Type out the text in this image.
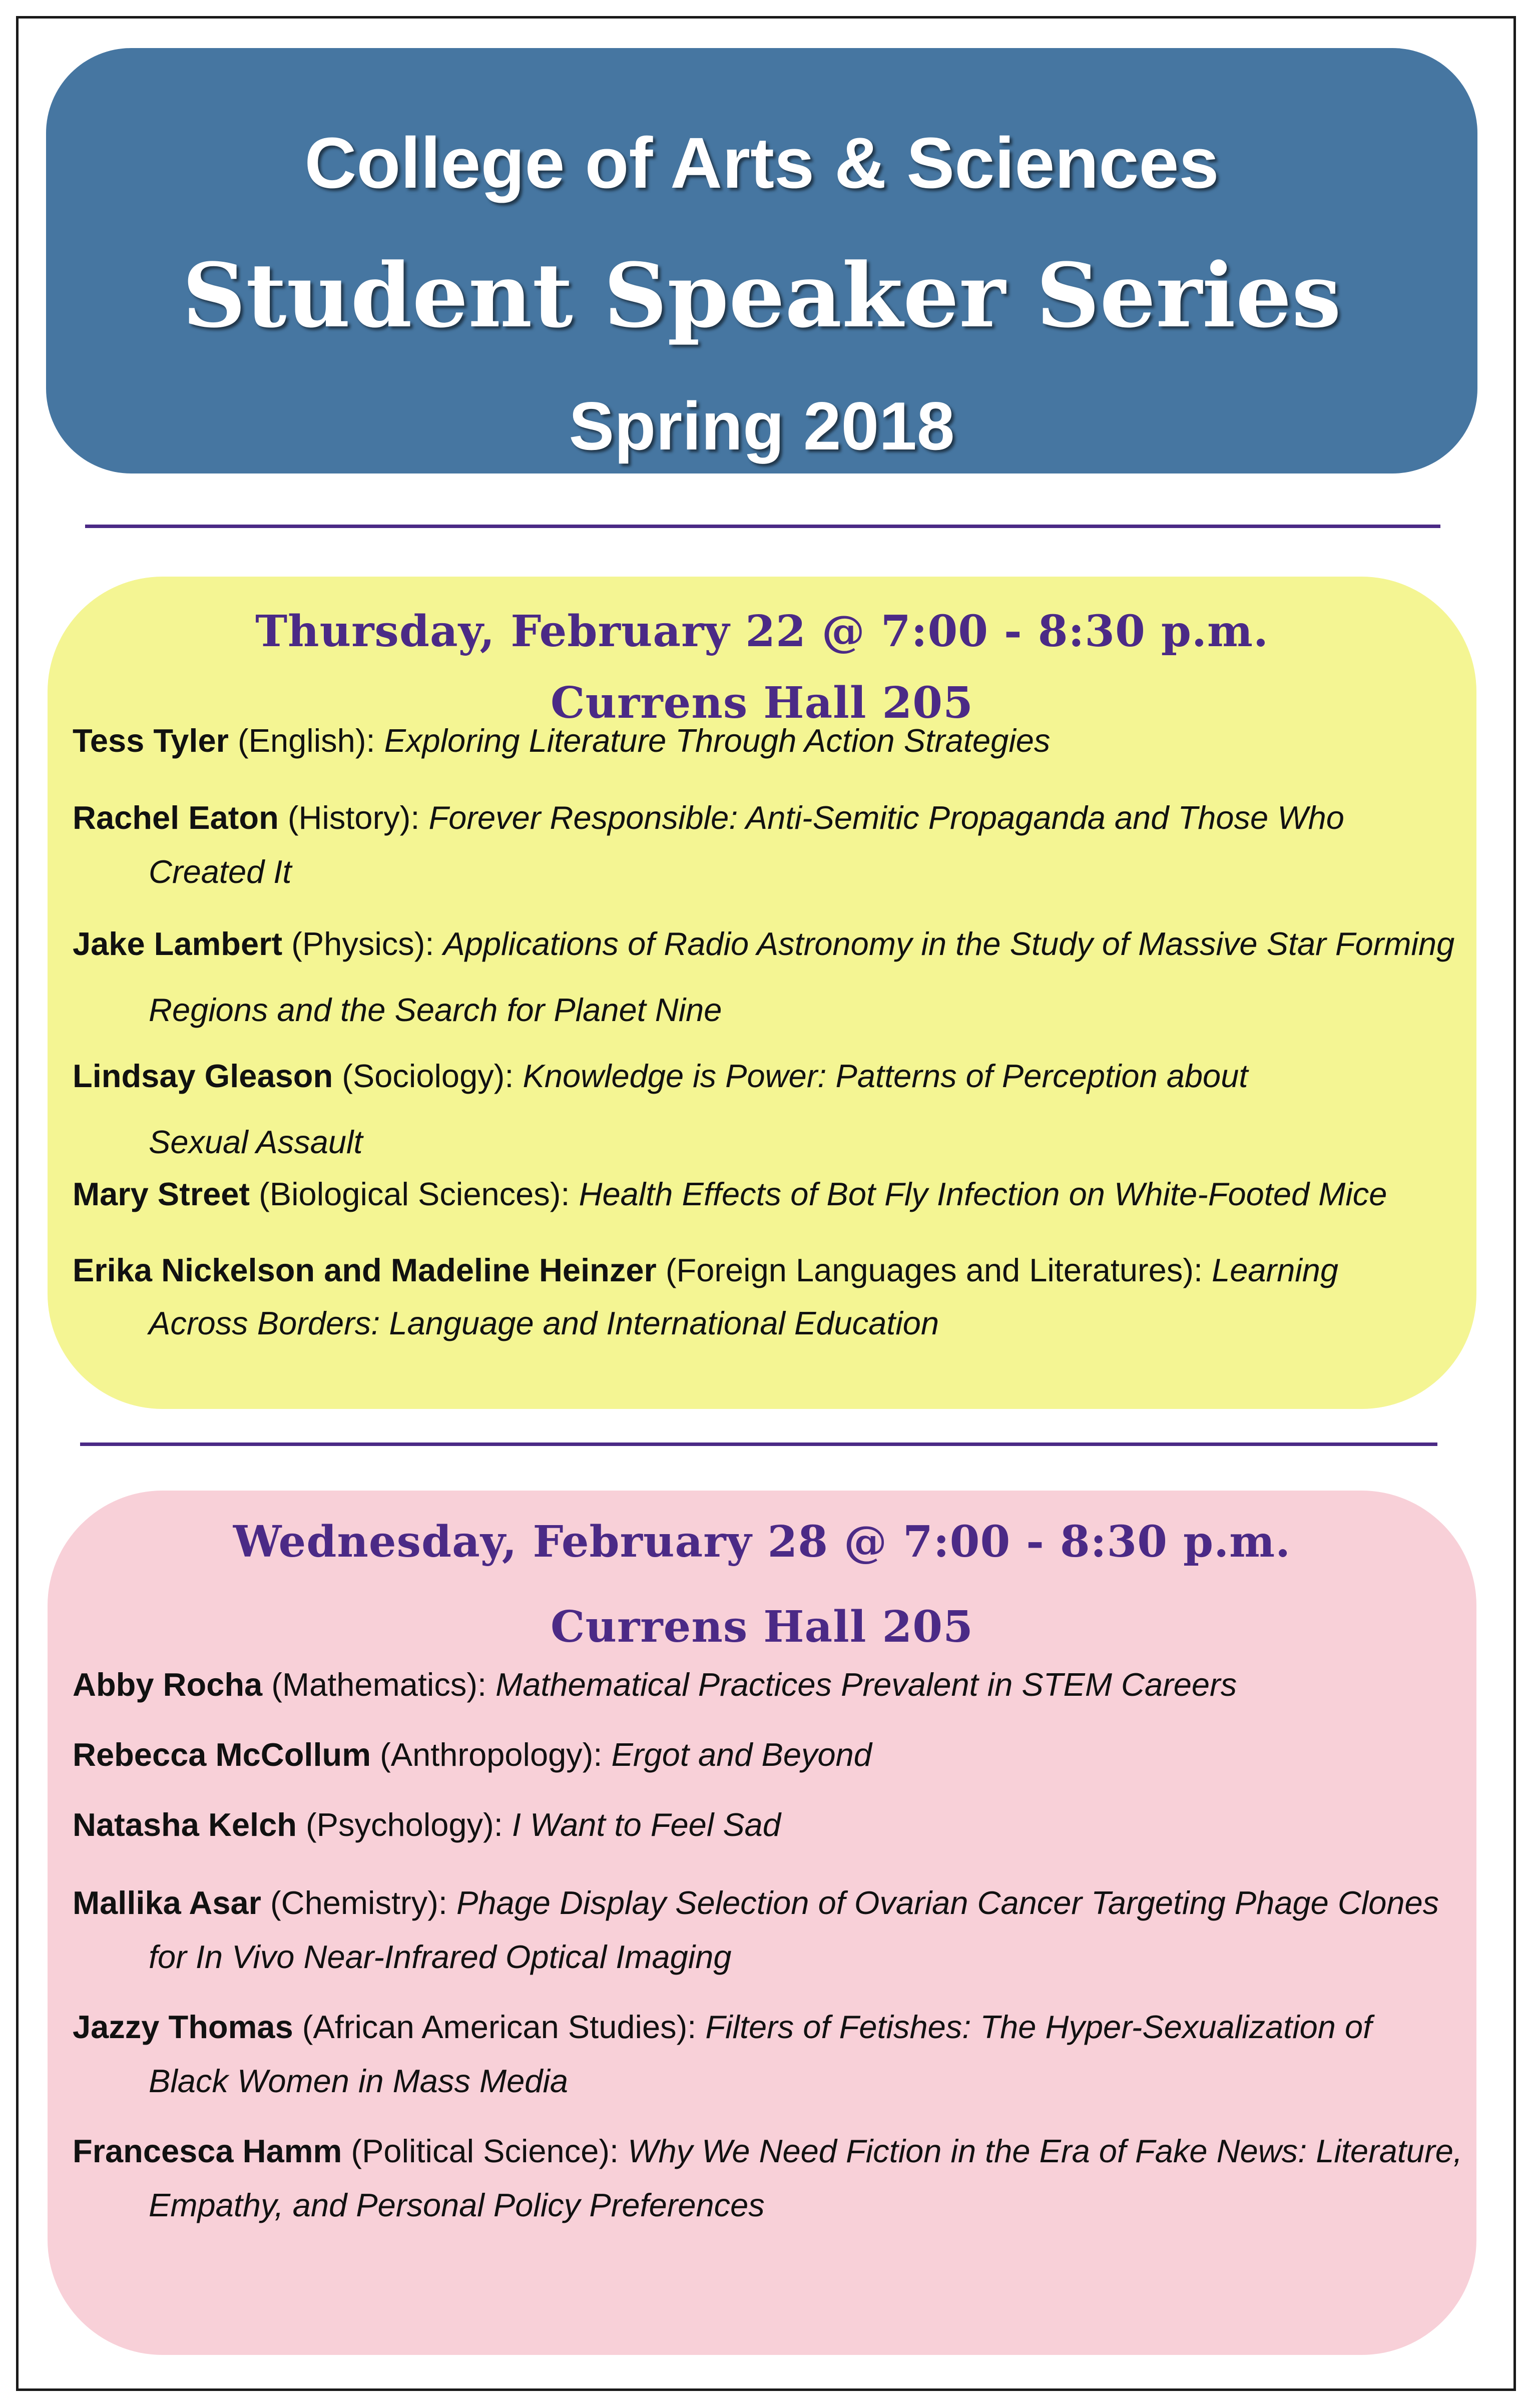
College of Arts & Sciences
Student Speaker Series
Spring 2018
Thursday, February 22 @ 7:00 - 8:30 p.m.
Currens Hall 205
Tess Tyler (English): Exploring Literature Through Action Strategies
Rachel Eaton (History): Forever Responsible: Anti-Semitic Propaganda and Those Who
Created It
Jake Lambert (Physics): Applications of Radio Astronomy in the Study of Massive Star Forming
Regions and the Search for Planet Nine
Lindsay Gleason (Sociology): Knowledge is Power: Patterns of Perception about
Sexual Assault
Mary Street (Biological Sciences): Health Effects of Bot Fly Infection on White-Footed Mice
Erika Nickelson and Madeline Heinzer (Foreign Languages and Literatures): Learning
Across Borders: Language and International Education
Wednesday, February 28 @ 7:00 - 8:30 p.m.
Currens Hall 205
Abby Rocha (Mathematics): Mathematical Practices Prevalent in STEM Careers
Rebecca McCollum (Anthropology): Ergot and Beyond
Natasha Kelch (Psychology): I Want to Feel Sad
Mallika Asar (Chemistry): Phage Display Selection of Ovarian Cancer Targeting Phage Clones
for In Vivo Near-Infrared Optical Imaging
Jazzy Thomas (African American Studies): Filters of Fetishes: The Hyper-Sexualization of
Black Women in Mass Media
Francesca Hamm (Political Science): Why We Need Fiction in the Era of Fake News: Literature,
Empathy, and Personal Policy Preferences
